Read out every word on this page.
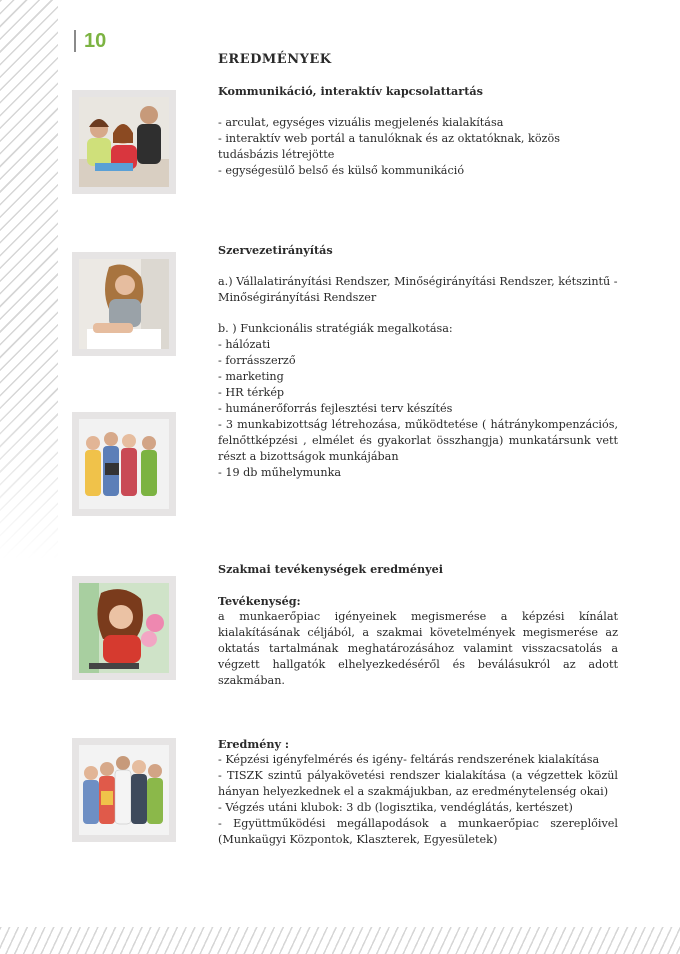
10

EREDMÉNYEK

Kommunikáció, interaktív kapcsolattartás

- arculat, egységes vizuális megjelenés kialakítása

- interaktív web portál a tanulóknak és az oktatóknak, közös tudásbázis létrejötte

- egységesülő belső és külső kommunikáció

Szervezetirányítás

a.) Vállalatirányítási Rendszer, Minőségirányítási Rendszer, kétszintű - Minőségirányítási Rendszer

b. ) Funkcionális stratégiák megalkotása:

- hálózati

- forrásszerző

- marketing

- HR térkép

- humánerőforrás fejlesztési terv készítés

- 3 munkabizottság létrehozása, működtetése ( hátránykompenzációs, felnőttképzési , elmélet és gyakorlat összhangja) munkatársunk vett részt a bizottságok munkájában

- 19 db műhelymunka

Szakmai tevékenységek eredményei

Tevékenység:

a munkaerőpiac igényeinek megismerése a képzési kínálat kialakításának céljából, a szakmai követelmények megismerése az oktatás tartalmának meghatározásához valamint visszacsatolás a végzett hallgatók elhelyezkedéséről és beválásukról az adott szakmában.

Eredmény :

- Képzési igényfelmérés és igény- feltárás rendszerének kialakítása

- TISZK szintű pályakövetési rendszer kialakítása (a végzettek közül hányan helyezkednek el a szakmájukban, az eredménytelenség okai)

- Végzés utáni klubok: 3 db (logisztika, vendéglátás, kertészet)

- Együttműködési megállapodások a munkaerőpiac szereplőivel (Munkaügyi Központok, Klaszterek, Egyesületek)
